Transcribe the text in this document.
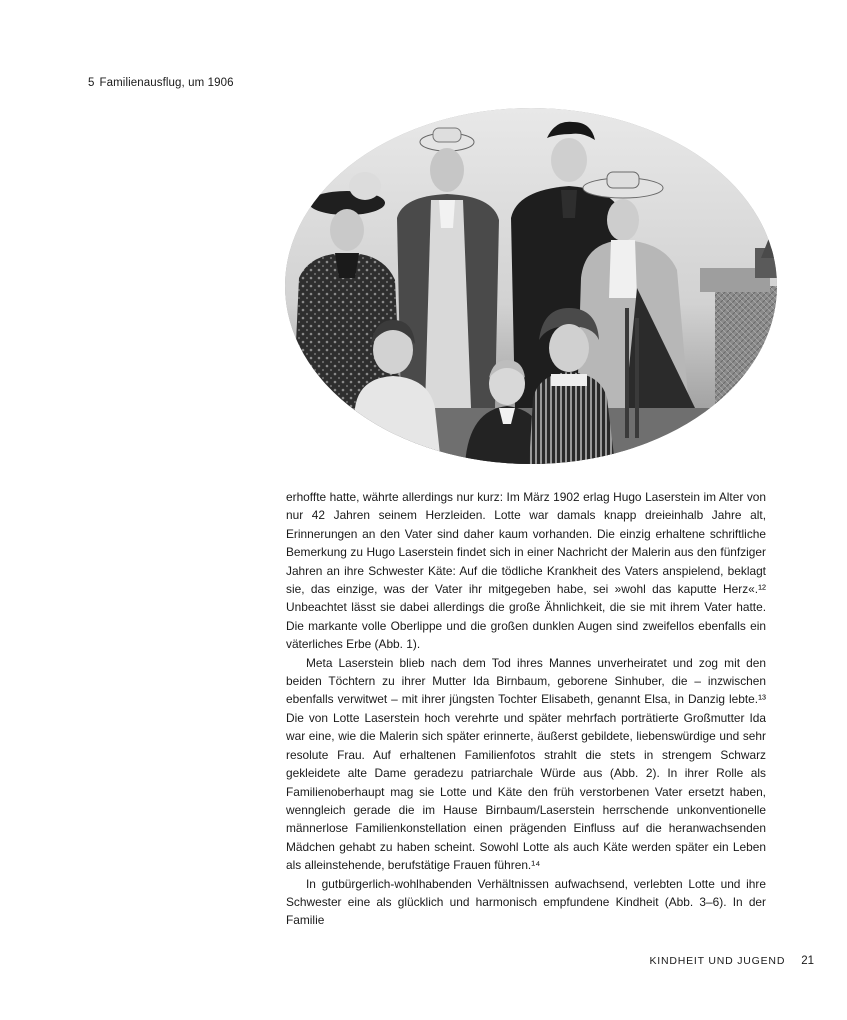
5 Familienausflug, um 1906

erhoffte hatte, währte allerdings nur kurz: Im März 1902 erlag Hugo Laserstein im Alter von nur 42 Jahren seinem Herzleiden. Lotte war damals knapp dreieinhalb Jahre alt, Erinnerungen an den Vater sind daher kaum vorhanden. Die einzig erhaltene schriftliche Bemerkung zu Hugo Laserstein findet sich in einer Nachricht der Malerin aus den fünfziger Jahren an ihre Schwester Käte: Auf die tödliche Krankheit des Vaters anspielend, beklagt sie, das einzige, was der Vater ihr mitgegeben habe, sei »wohl das kaputte Herz«.¹² Unbeachtet lässt sie dabei allerdings die große Ähnlichkeit, die sie mit ihrem Vater hatte. Die markante volle Oberlippe und die großen dunklen Augen sind zweifellos ebenfalls ein väterliches Erbe (Abb. 1).

Meta Laserstein blieb nach dem Tod ihres Mannes unverheiratet und zog mit den beiden Töchtern zu ihrer Mutter Ida Birnbaum, geborene Sinhuber, die – inzwischen ebenfalls verwitwet – mit ihrer jüngsten Tochter Elisabeth, genannt Elsa, in Danzig lebte.¹³ Die von Lotte Laserstein hoch verehrte und später mehrfach porträtierte Großmutter Ida war eine, wie die Malerin sich später erinnerte, äußerst gebildete, liebenswürdige und sehr resolute Frau. Auf erhaltenen Familienfotos strahlt die stets in strengem Schwarz gekleidete alte Dame geradezu patriarchale Würde aus (Abb. 2). In ihrer Rolle als Familienoberhaupt mag sie Lotte und Käte den früh verstorbenen Vater ersetzt haben, wenngleich gerade die im Hause Birnbaum/Laserstein herrschende unkonventionelle männerlose Familienkonstellation einen prägenden Einfluss auf die heranwachsenden Mädchen gehabt zu haben scheint. Sowohl Lotte als auch Käte werden später ein Leben als alleinstehende, berufstätige Frauen führen.¹⁴

In gutbürgerlich-wohlhabenden Verhältnissen aufwachsend, verlebten Lotte und ihre Schwester eine als glücklich und harmonisch empfundene Kindheit (Abb. 3–6). In der Familie

KINDHEIT UND JUGEND 21
